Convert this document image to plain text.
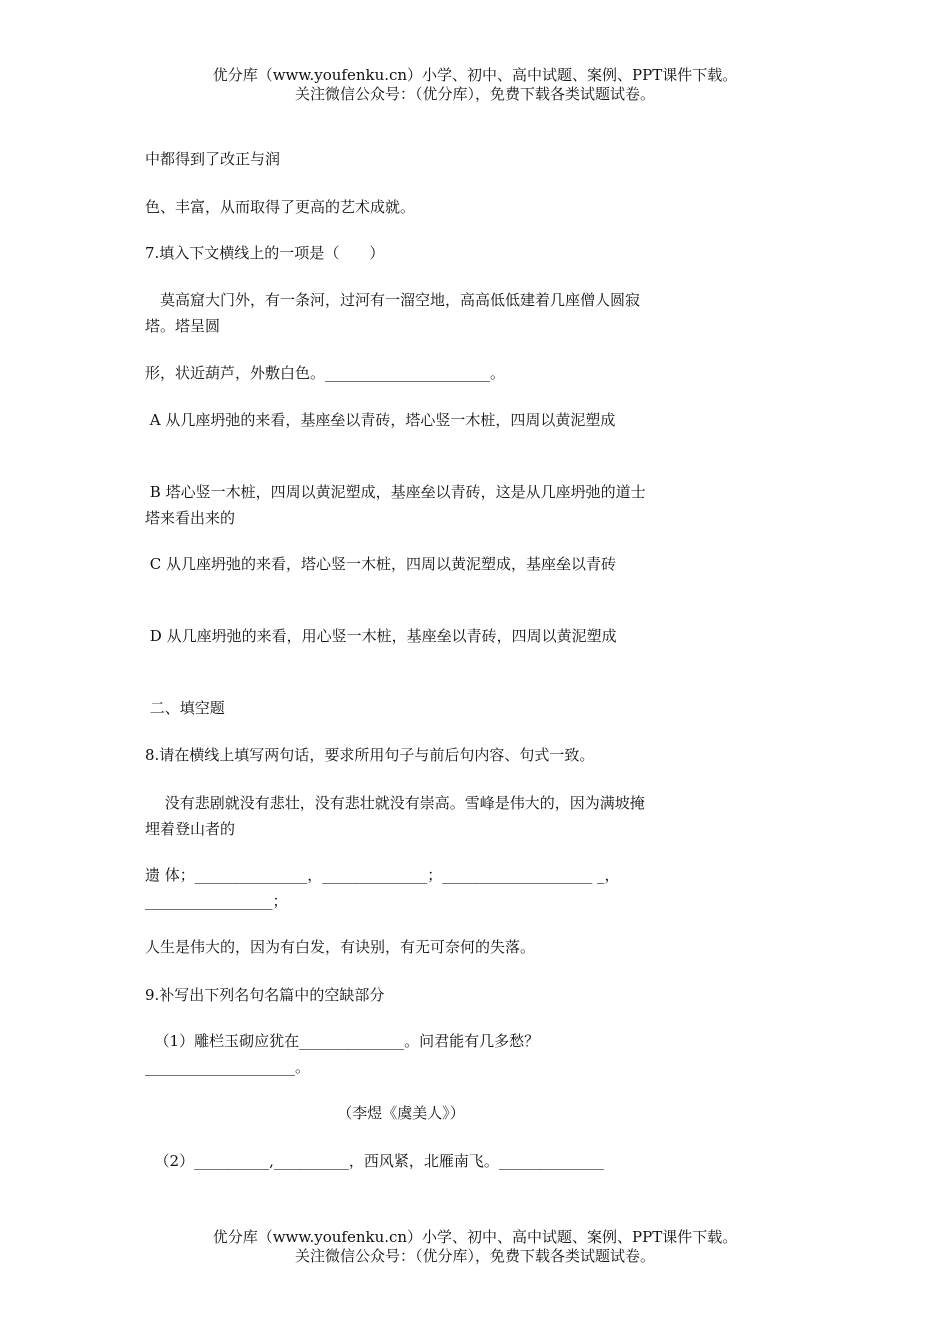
优分库（www.youfenku.cn）小学、初中、高中试题、案例、PPT课件下载。
关注微信公众号：（优分库），免费下载各类试题试卷。
中都得到了改正与润
色、丰富，从而取得了更高的艺术成就。
7.填入下文横线上的一项是（　　）
　莫高窟大门外，有一条河，过河有一溜空地，高高低低建着几座僧人圆寂塔。塔呈圆
形，状近葫芦，外敷白色。______________________。
A 从几座坍弛的来看，基座垒以青砖，塔心竖一木桩，四周以黄泥塑成
B 塔心竖一木桩，四周以黄泥塑成，基座垒以青砖，这是从几座坍弛的道士塔来看出来的
C 从几座坍弛的来看，塔心竖一木桩，四周以黄泥塑成，基座垒以青砖
D 从几座坍弛的来看，用心竖一木桩，基座垒以青砖，四周以黄泥塑成
二、填空题
8.请在横线上填写两句话，要求所用句子与前后句内容、句式一致。
　 没有悲剧就没有悲壮，没有悲壮就没有崇高。雪峰是伟大的，因为满坡掩埋着登山者的
遗 体；_______________，______________；____________________ _，_________________；
人生是伟大的，因为有白发，有诀别，有无可奈何的失落。
9.补写出下列名句名篇中的空缺部分
（1）雕栏玉砌应犹在______________。问君能有几多愁？____________________。
（李煜《虞美人》）
（2）__________,__________，西风紧，北雁南飞。______________
优分库（www.youfenku.cn）小学、初中、高中试题、案例、PPT课件下载。
关注微信公众号：（优分库），免费下载各类试题试卷。
